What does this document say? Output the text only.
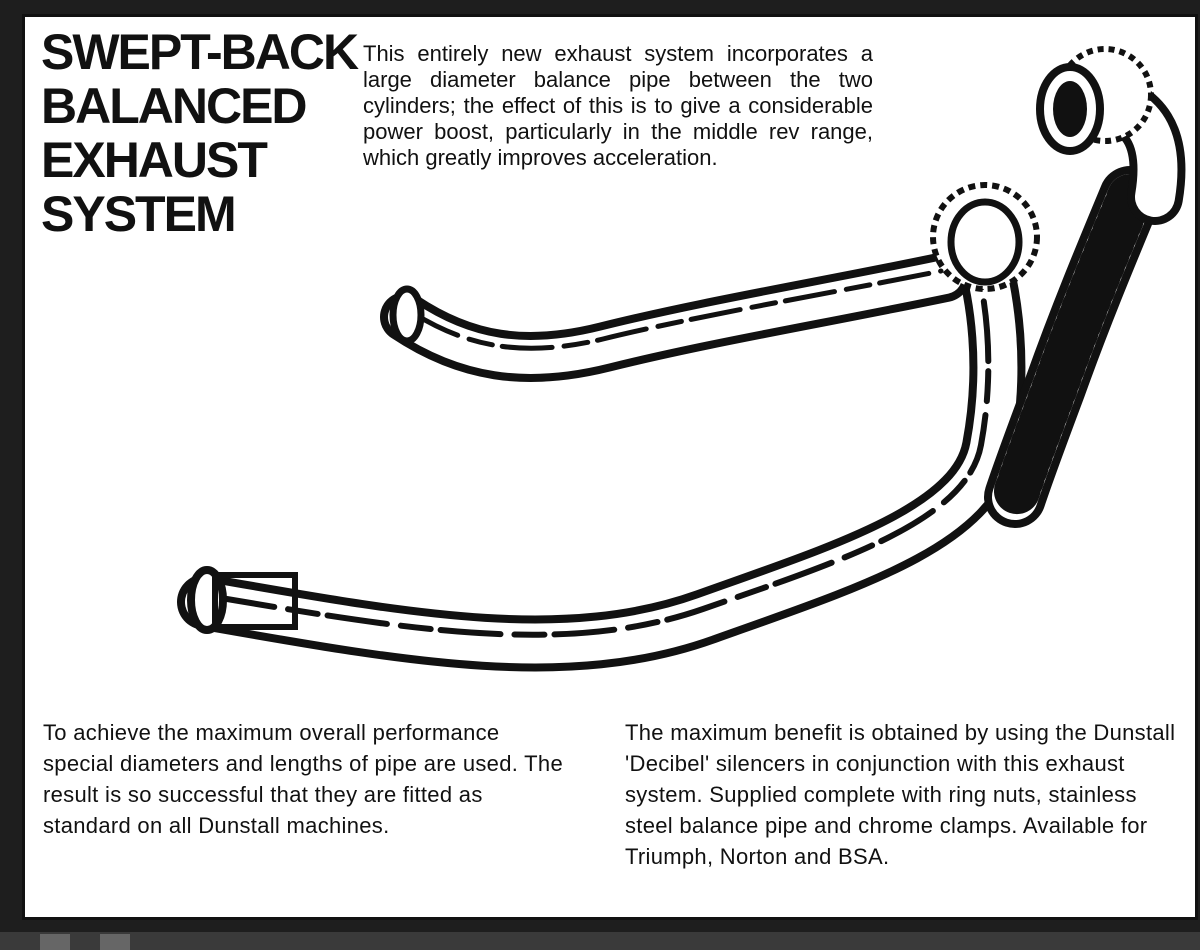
SWEPT-BACK
BALANCED
EXHAUST
SYSTEM

This entirely new exhaust system incorporates a large diameter balance pipe between the two cylinders; the effect of this is to give a considerable power boost, particularly in the middle rev range, which greatly improves acceleration.

To achieve the maximum overall performance special diameters and lengths of pipe are used. The result is so successful that they are fitted as standard on all Dunstall machines.

The maximum benefit is obtained by using the Dunstall 'Decibel' silencers in conjunction with this exhaust system. Supplied complete with ring nuts, stainless steel balance pipe and chrome clamps. Available for Triumph, Norton and BSA.
